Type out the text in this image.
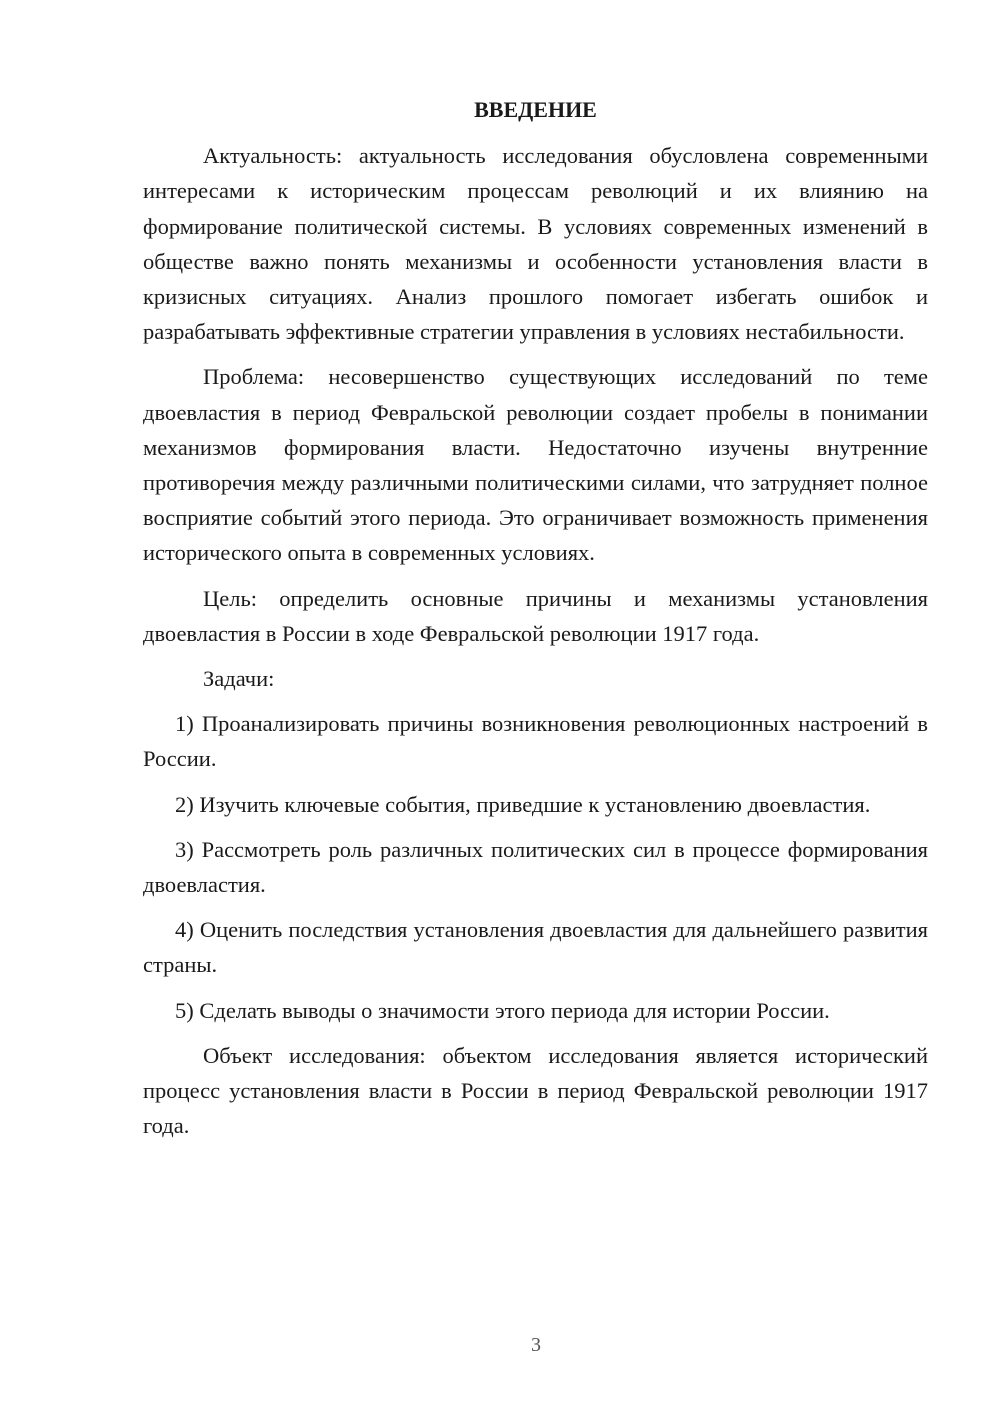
ВВЕДЕНИЕ

Актуальность: актуальность исследования обусловлена современными интересами к историческим процессам революций и их влиянию на формирование политической системы. В условиях современных изменений в обществе важно понять механизмы и особенности установления власти в кризисных ситуациях. Анализ прошлого помогает избегать ошибок и разрабатывать эффективные стратегии управления в условиях нестабильности.

Проблема: несовершенство существующих исследований по теме двоевластия в период Февральской революции создает пробелы в понимании механизмов формирования власти. Недостаточно изучены внутренние противоречия между различными политическими силами, что затрудняет полное восприятие событий этого периода. Это ограничивает возможность применения исторического опыта в современных условиях.

Цель: определить основные причины и механизмы установления двоевластия в России в ходе Февральской революции 1917 года.

Задачи:

1) Проанализировать причины возникновения революционных настроений в России.

2) Изучить ключевые события, приведшие к установлению двоевластия.

3) Рассмотреть роль различных политических сил в процессе формирования двоевластия.

4) Оценить последствия установления двоевластия для дальнейшего развития страны.

5) Сделать выводы о значимости этого периода для истории России.

Объект исследования: объектом исследования является исторический процесс установления власти в России в период Февральской революции 1917 года.

3
